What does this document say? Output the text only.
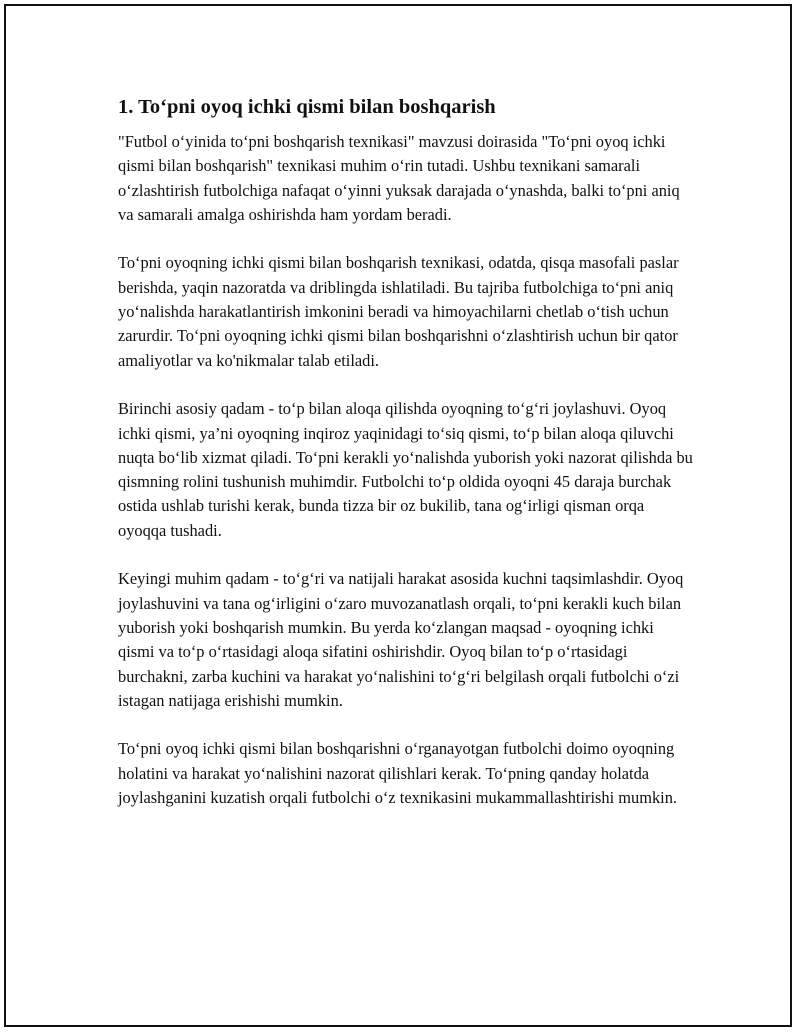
1. To‘pni oyoq ichki qismi bilan boshqarish

"Futbol o‘yinida to‘pni boshqarish texnikasi" mavzusi doirasida "To‘pni oyoq ichki qismi bilan boshqarish" texnikasi muhim o‘rin tutadi. Ushbu texnikani samarali o‘zlashtirish futbolchiga nafaqat o‘yinni yuksak darajada o‘ynashda, balki to‘pni aniq va samarali amalga oshirishda ham yordam beradi.

To‘pni oyoqning ichki qismi bilan boshqarish texnikasi, odatda, qisqa masofali paslar berishda, yaqin nazoratda va driblingda ishlatiladi. Bu tajriba futbolchiga to‘pni aniq yo‘nalishda harakatlantirish imkonini beradi va himoyachilarni chetlab o‘tish uchun zarurdir. To‘pni oyoqning ichki qismi bilan boshqarishni o‘zlashtirish uchun bir qator amaliyotlar va ko'nikmalar talab etiladi.

Birinchi asosiy qadam - to‘p bilan aloqa qilishda oyoqning to‘g‘ri joylashuvi. Oyoq ichki qismi, ya’ni oyoqning inqiroz yaqinidagi to‘siq qismi, to‘p bilan aloqa qiluvchi nuqta bo‘lib xizmat qiladi. To‘pni kerakli yo‘nalishda yuborish yoki nazorat qilishda bu qismning rolini tushunish muhimdir. Futbolchi to‘p oldida oyoqni 45 daraja burchak ostida ushlab turishi kerak, bunda tizza bir oz bukilib, tana og‘irligi qisman orqa oyoqqa tushadi.

Keyingi muhim qadam - to‘g‘ri va natijali harakat asosida kuchni taqsimlashdir. Oyoq joylashuvini va tana og‘irligini o‘zaro muvozanatlash orqali, to‘pni kerakli kuch bilan yuborish yoki boshqarish mumkin. Bu yerda ko‘zlangan maqsad - oyoqning ichki qismi va to‘p o‘rtasidagi aloqa sifatini oshirishdir. Oyoq bilan to‘p o‘rtasidagi burchakni, zarba kuchini va harakat yo‘nalishini to‘g‘ri belgilash orqali futbolchi o‘zi istagan natijaga erishishi mumkin.

To‘pni oyoq ichki qismi bilan boshqarishni o‘rganayotgan futbolchi doimo oyoqning holatini va harakat yo‘nalishini nazorat qilishlari kerak. To‘pning qanday holatda joylashganini kuzatish orqali futbolchi o‘z texnikasini mukammallashtirishi mumkin.
